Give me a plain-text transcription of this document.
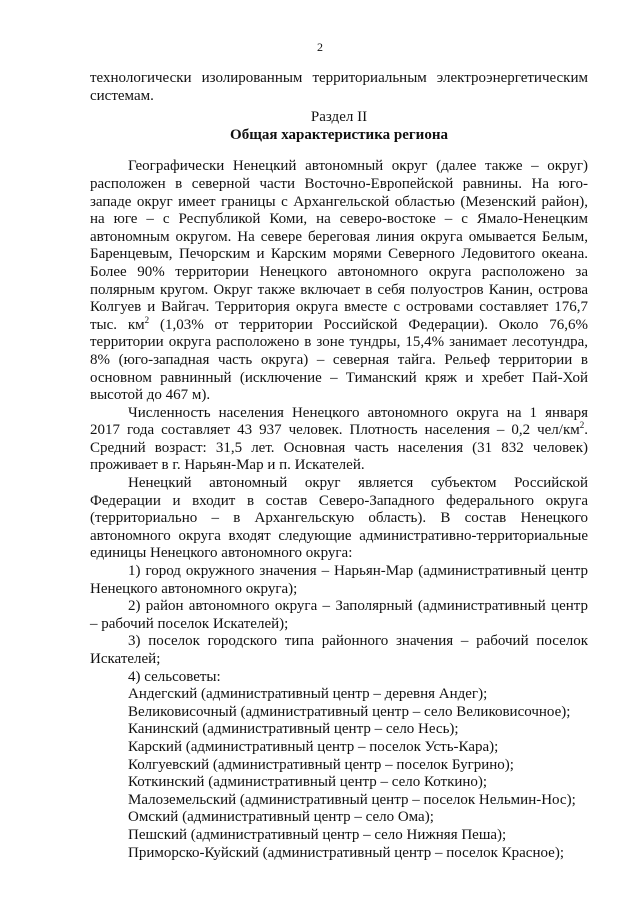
2

технологически изолированным территориальным электроэнергетическим системам.

Раздел II

Общая характеристика региона

Географически Ненецкий автономный округ (далее также – округ) расположен в северной части Восточно-Европейской равнины. На юго-западе округ имеет границы с Архангельской областью (Мезенский район), на юге – с Республикой Коми, на северо-востоке – с Ямало-Ненецким автономным округом. На севере береговая линия округа омывается Белым, Баренцевым, Печорским и Карским морями Северного Ледовитого океана. Более 90% территории Ненецкого автономного округа расположено за полярным кругом. Округ также включает в себя полуостров Канин, острова Колгуев и Вайгач. Территория округа вместе с островами составляет 176,7 тыс. $км^2$ (1,03% от территории Российской Федерации). Около 76,6% территории округа расположено в зоне тундры, 15,4% занимает лесотундра, 8% (юго-западная часть округа) – северная тайга. Рельеф территории в основном равнинный (исключение – Тиманский кряж и хребет Пай-Хой высотой до 467 м).

Численность населения Ненецкого автономного округа на 1 января 2017 года составляет 43 937 человек. Плотность населения – 0,2 чел/$км^2$. Средний возраст: 31,5 лет. Основная часть населения (31 832 человек) проживает в г. Нарьян-Мар и п. Искателей.

Ненецкий автономный округ является субъектом Российской Федерации и входит в состав Северо-Западного федерального округа (территориально – в Архангельскую область). В состав Ненецкого автономного округа входят следующие административно-территориальные единицы Ненецкого автономного округа:

1) город окружного значения – Нарьян-Мар (административный центр Ненецкого автономного округа);

2) район автономного округа – Заполярный (административный центр – рабочий поселок Искателей);

3) поселок городского типа районного значения – рабочий поселок Искателей;

4) сельсоветы:

Андегский (административный центр – деревня Андег);

Великовисочный (административный центр – село Великовисочное);

Канинский (административный центр – село Несь);

Карский (административный центр – поселок Усть-Кара);

Колгуевский (административный центр – поселок Бугрино);

Коткинский (административный центр – село Коткино);

Малоземельский (административный центр – поселок Нельмин-Нос);

Омский (административный центр – село Ома);

Пешский (административный центр – село Нижняя Пеша);

Приморско-Куйский (административный центр – поселок Красное);
